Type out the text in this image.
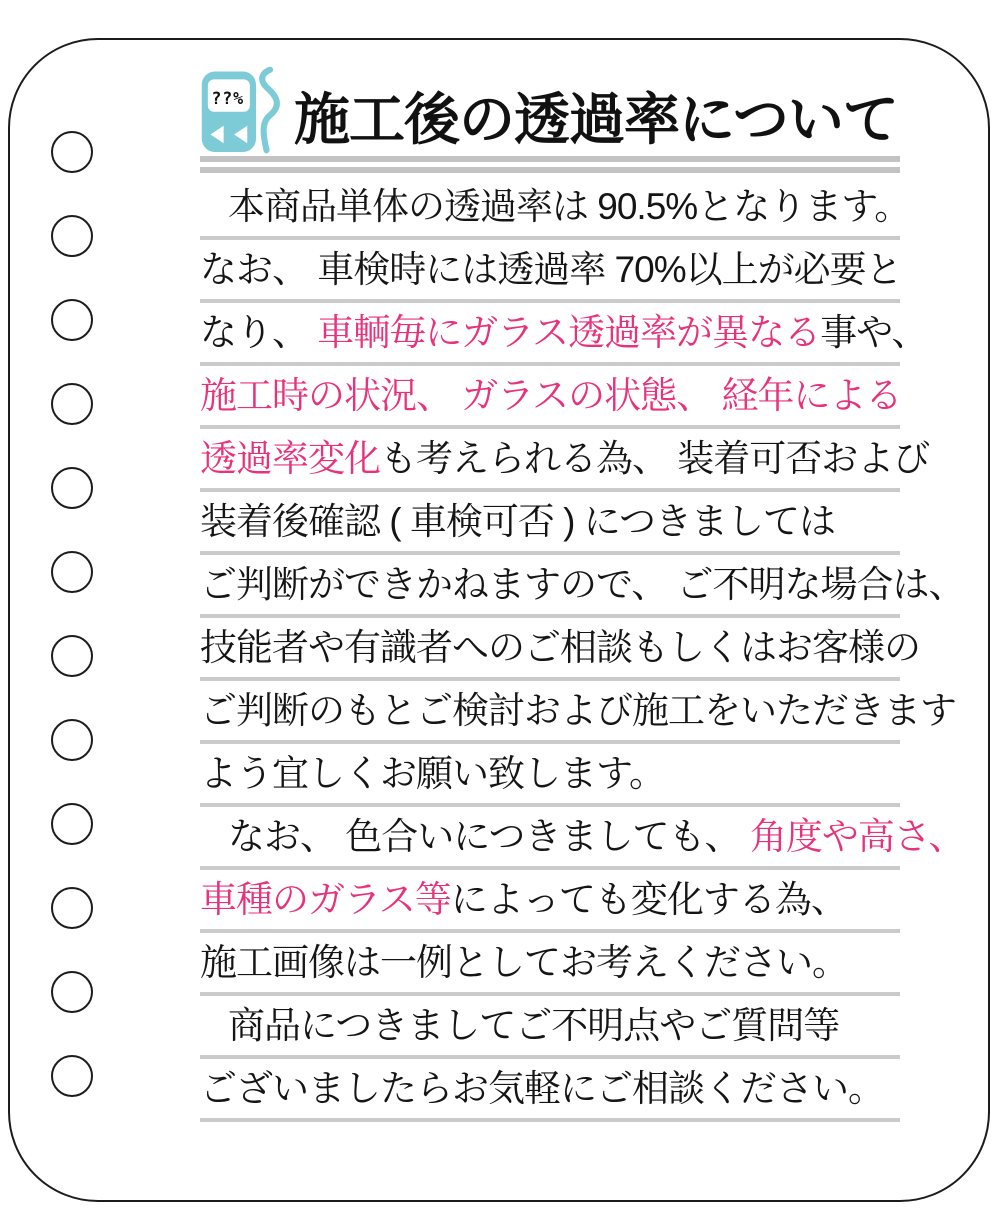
??% 施工後の透過率について
本商品単体の透過率は 90.5%となります。
なお、 車検時には透過率 70%以上が必要と
なり、 車輌毎にガラス透過率が異なる事や、
施工時の状況、 ガラスの状態、 経年による
透過率変化も考えられる為、 装着可否および
装着後確認 ( 車検可否 ) につきましては
ご判断ができかねますので、 ご不明な場合は、
技能者や有識者へのご相談もしくはお客様の
ご判断のもとご検討および施工をいただきます
よう宜しくお願い致します。
なお、 色合いにつきましても、 角度や高さ、
車種のガラス等によっても変化する為、
施工画像は一例としてお考えください。
商品につきましてご不明点やご質問等
ございましたらお気軽にご相談ください。
